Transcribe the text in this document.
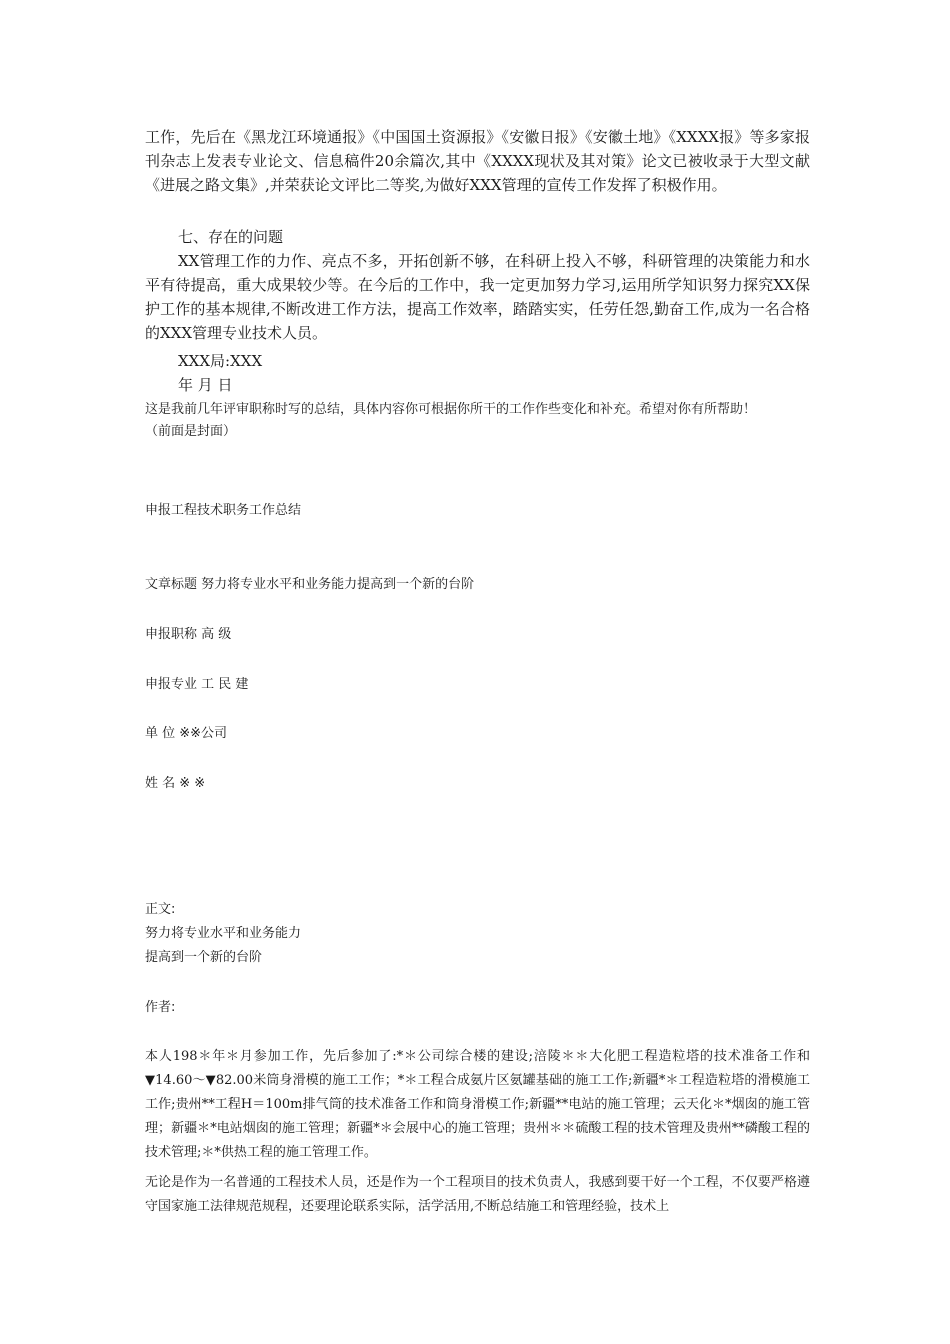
工作，先后在《黑龙江环境通报》《中国国土资源报》《安徽日报》《安徽土地》《XXXX报》等多家报刊杂志上发表专业论文、信息稿件20余篇次,其中《XXXX现状及其对策》论文已被收录于大型文献《进展之路文集》,并荣获论文评比二等奖,为做好XXX管理的宣传工作发挥了积极作用。

七、存在的问题

XX管理工作的力作、亮点不多，开拓创新不够，在科研上投入不够，科研管理的决策能力和水平有待提高，重大成果较少等。在今后的工作中，我一定更加努力学习,运用所学知识努力探究XX保护工作的基本规律,不断改进工作方法，提高工作效率，踏踏实实，任劳任怨,勤奋工作,成为一名合格的XXX管理专业技术人员。

XXX局:XXX

年 月 日

这是我前几年评审职称时写的总结，具体内容你可根据你所干的工作作些变化和补充。希望对你有所帮助！

（前面是封面）

申报工程技术职务工作总结

文章标题 努力将专业水平和业务能力提高到一个新的台阶

申报职称 高 级

申报专业 工 民 建

单 位 ※※公司

姓 名 ※ ※

正文:

努力将专业水平和业务能力

提高到一个新的台阶

作者:

本人198＊年＊月参加工作，先后参加了:*＊公司综合楼的建设;涪陵＊＊大化肥工程造粒塔的技术准备工作和▼14.60～▼82.00米筒身滑模的施工工作；*＊工程合成氨片区氨罐基础的施工工作;新疆*＊工程造粒塔的滑模施工工作;贵州**工程H＝100m排气筒的技术准备工作和筒身滑模工作;新疆**电站的施工管理；云天化＊*烟囱的施工管理；新疆＊*电站烟囱的施工管理；新疆*＊会展中心的施工管理；贵州＊＊硫酸工程的技术管理及贵州**磷酸工程的技术管理;＊*供热工程的施工管理工作。

无论是作为一名普通的工程技术人员，还是作为一个工程项目的技术负责人，我感到要干好一个工程，不仅要严格遵守国家施工法律规范规程，还要理论联系实际，活学活用,不断总结施工和管理经验，技术上
